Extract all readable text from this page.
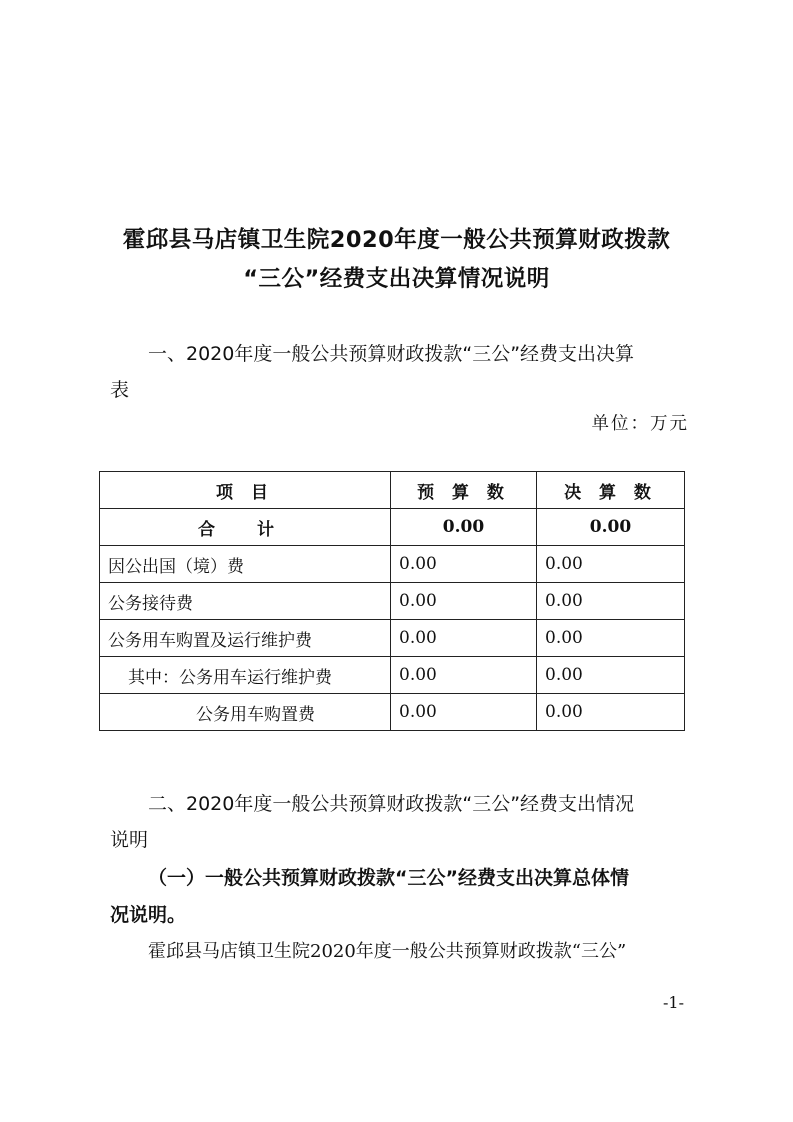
霍邱县马店镇卫生院2020年度一般公共预算财政拨款
“三公”经费支出决算情况说明
一、2020年度一般公共预算财政拨款“三公”经费支出决算
表
单位：万元
项 目	预 算 数	决 算 数
合 计	0.00	0.00
因公出国（境）费	0.00	0.00
公务接待费	0.00	0.00
公务用车购置及运行维护费	0.00	0.00
其中：公务用车运行维护费	0.00	0.00
公务用车购置费	0.00	0.00
二、2020年度一般公共预算财政拨款“三公”经费支出情况
说明
（一）一般公共预算财政拨款“三公”经费支出决算总体情
况说明。
霍邱县马店镇卫生院2020年度一般公共预算财政拨款“三公”
-1-
